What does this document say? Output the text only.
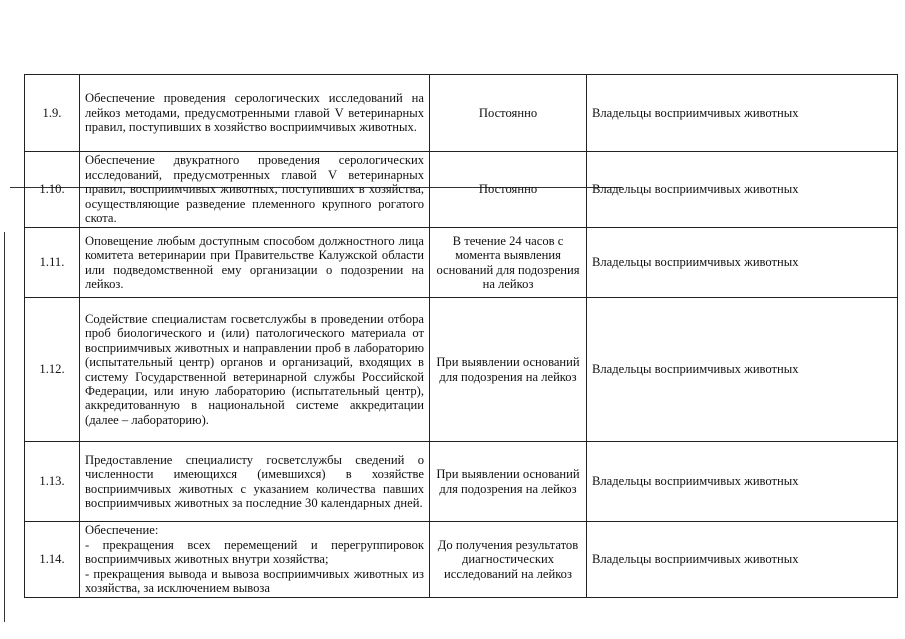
1.9.	Обеспечение проведения серологических исследований на лейкоз методами, предусмотренными главой V ветеринарных правил, поступивших в хозяйство восприимчивых животных.	Постоянно	Владельцы восприимчивых животных
1.10.	Обеспечение двукратного проведения серологических исследований, предусмотренных главой V ветеринарных правил, восприимчивых животных, поступивших в хозяйства, осуществляющие разведение племенного крупного рогатого скота.	Постоянно	Владельцы восприимчивых животных
1.11.	Оповещение любым доступным способом должностного лица комитета ветеринарии при Правительстве Калужской области или подведомственной ему организации о подозрении на лейкоз.	В течение 24 часов с момента выявления оснований для подозрения на лейкоз	Владельцы восприимчивых животных
1.12.	Содействие специалистам госветслужбы в проведении отбора проб биологического и (или) патологического материала от восприимчивых животных и направлении проб в лабораторию (испытательный центр) органов и организаций, входящих в систему Государственной ветеринарной службы Российской Федерации, или иную лабораторию (испытательный центр), аккредитованную в национальной системе аккредитации (далее – лабораторию).	При выявлении оснований для подозрения на лейкоз	Владельцы восприимчивых животных
1.13.	Предоставление специалисту госветслужбы сведений о численности имеющихся (имевшихся) в хозяйстве восприимчивых животных с указанием количества павших восприимчивых животных за последние 30 календарных дней.	При выявлении оснований для подозрения на лейкоз	Владельцы восприимчивых животных
1.14.	Обеспечение:
- прекращения всех перемещений и перегруппировок восприимчивых животных внутри хозяйства;
- прекращения вывода и вывоза восприимчивых животных из хозяйства, за исключением вывоза	До получения результатов диагностических исследований на лейкоз	Владельцы восприимчивых животных
